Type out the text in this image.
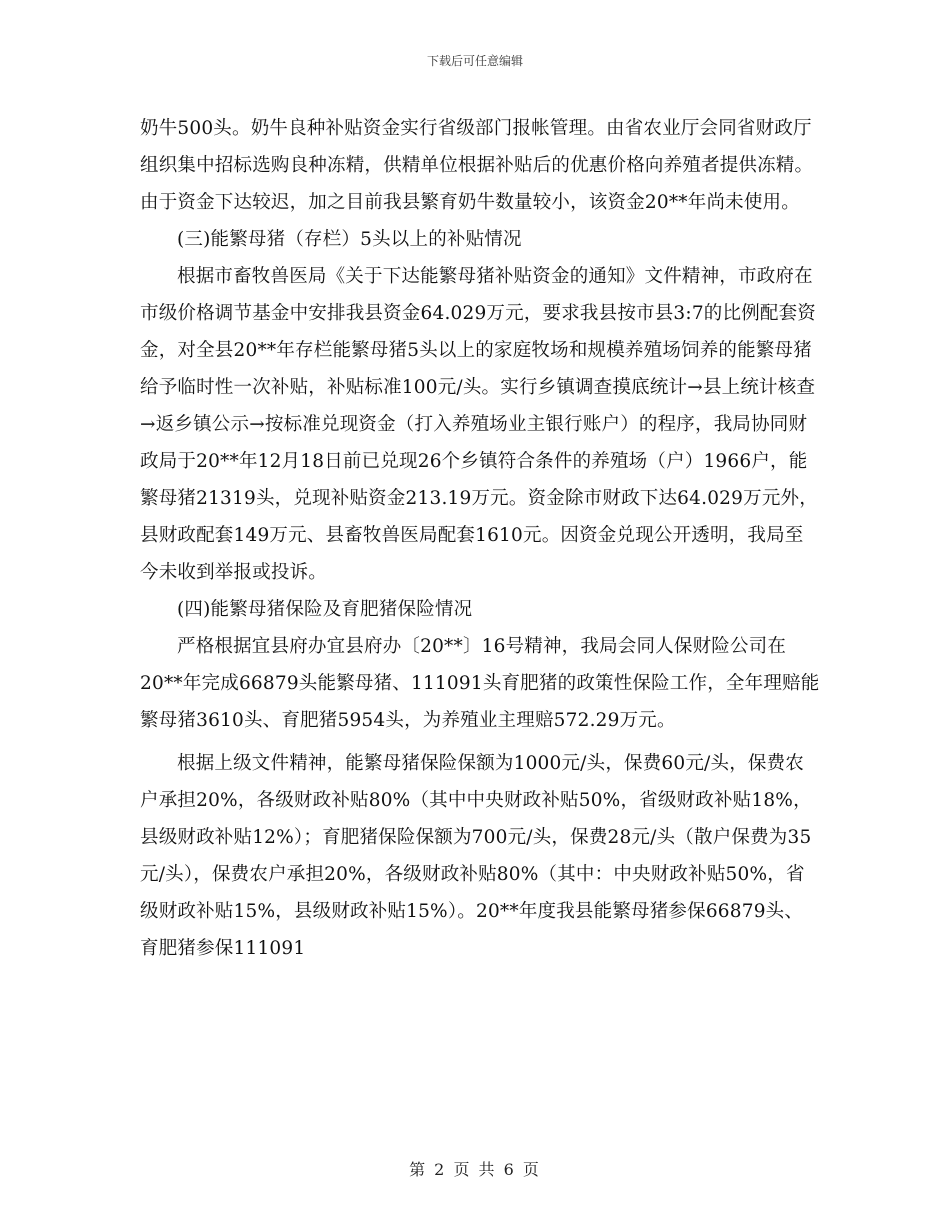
下载后可任意编辑

奶牛500头。奶牛良种补贴资金实行省级部门报帐管理。由省农业厅会同省财政厅组织集中招标选购良种冻精，供精单位根据补贴后的优惠价格向养殖者提供冻精。由于资金下达较迟，加之目前我县繁育奶牛数量较小，该资金20**年尚未使用。

(三)能繁母猪（存栏）5头以上的补贴情况

根据市畜牧兽医局《关于下达能繁母猪补贴资金的通知》文件精神，市政府在市级价格调节基金中安排我县资金64.029万元，要求我县按市县3:7的比例配套资金，对全县20**年存栏能繁母猪5头以上的家庭牧场和规模养殖场饲养的能繁母猪给予临时性一次补贴，补贴标准100元/头。实行乡镇调查摸底统计→县上统计核查→返乡镇公示→按标准兑现资金（打入养殖场业主银行账户）的程序，我局协同财政局于20**年12月18日前已兑现26个乡镇符合条件的养殖场（户）1966户，能繁母猪21319头，兑现补贴资金213.19万元。资金除市财政下达64.029万元外，县财政配套149万元、县畜牧兽医局配套1610元。因资金兑现公开透明，我局至今未收到举报或投诉。

(四)能繁母猪保险及育肥猪保险情况

严格根据宜县府办宜县府办〔20**〕16号精神，我局会同人保财险公司在20**年完成66879头能繁母猪、111091头育肥猪的政策性保险工作，全年理赔能繁母猪3610头、育肥猪5954头，为养殖业主理赔572.29万元。

根据上级文件精神，能繁母猪保险保额为1000元/头，保费60元/头，保费农户承担20%，各级财政补贴80%（其中中央财政补贴50%，省级财政补贴18%，县级财政补贴12%）；育肥猪保险保额为700元/头，保费28元/头（散户保费为35元/头），保费农户承担20%，各级财政补贴80%（其中：中央财政补贴50%，省级财政补贴15%，县级财政补贴15%）。20**年度我县能繁母猪参保66879头、育肥猪参保111091

第 2 页 共 6 页
